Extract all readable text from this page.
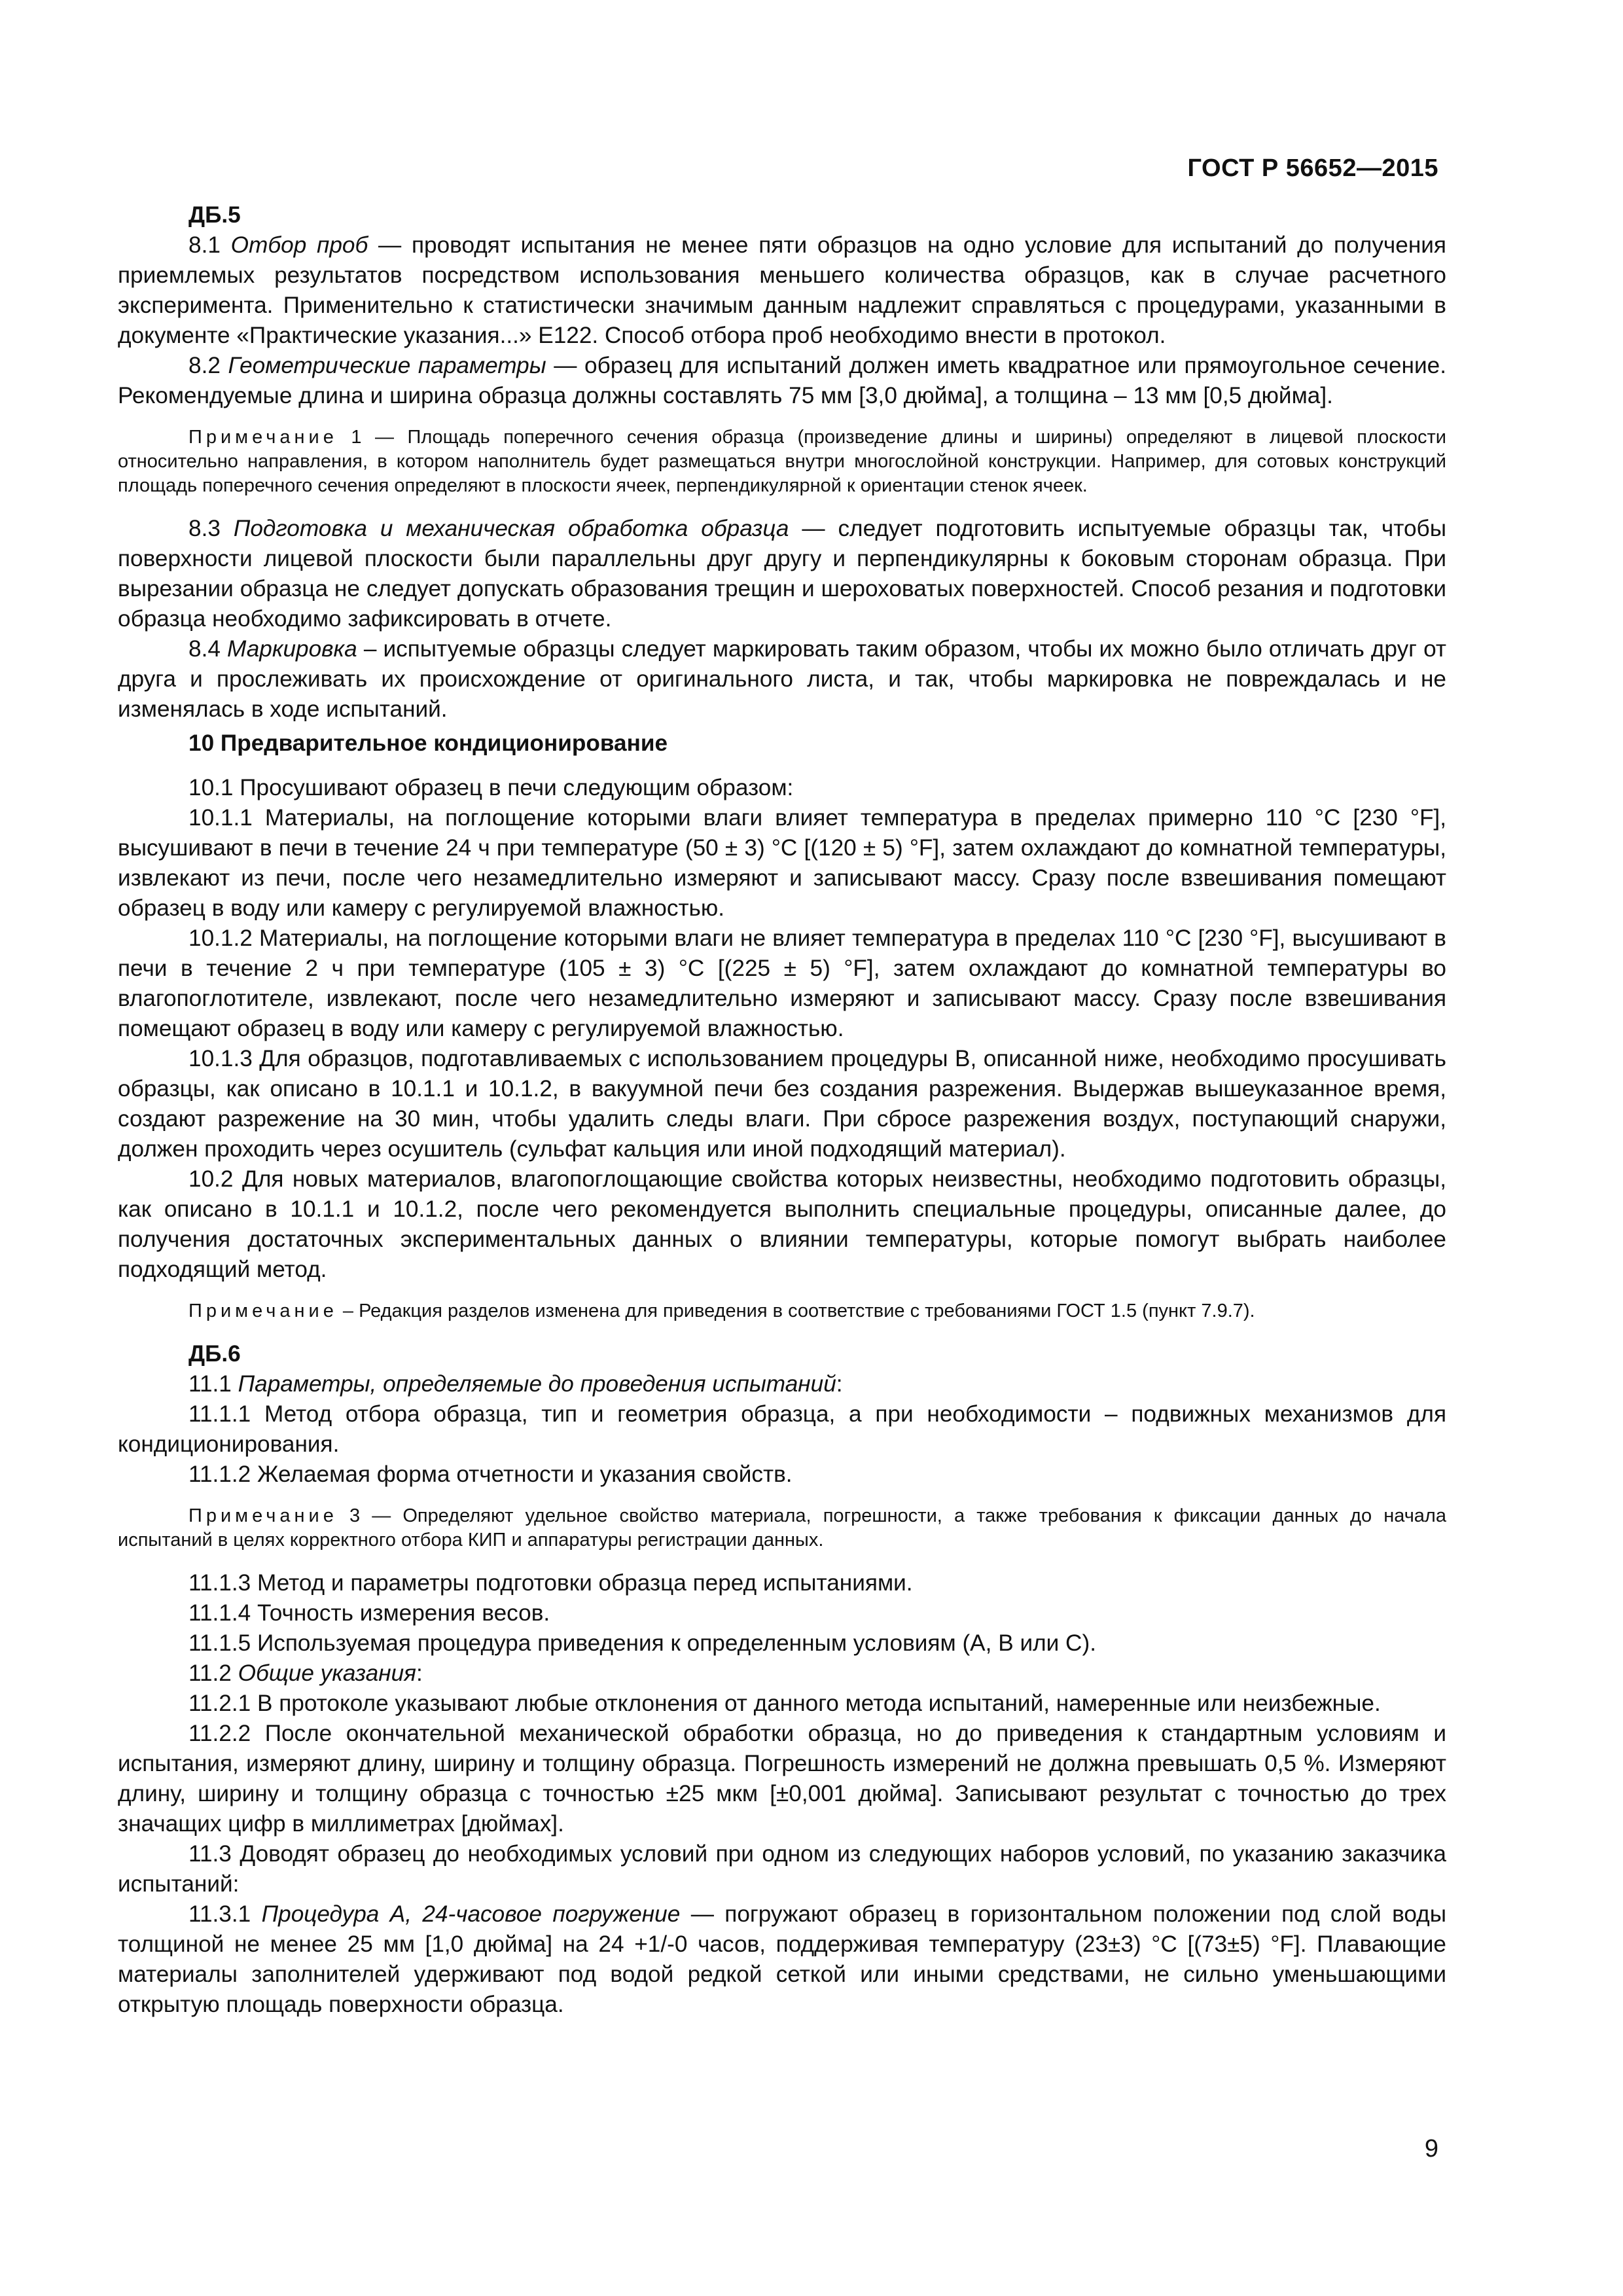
ГОСТ Р 56652—2015

ДБ.5

8.1 Отбор проб — проводят испытания не менее пяти образцов на одно условие для испытаний до получения приемлемых результатов посредством использования меньшего количества образцов, как в случае расчетного эксперимента. Применительно к статистически значимым данным надлежит справляться с процедурами, указанными в документе «Практические указания...» E122. Способ отбора проб необходимо внести в протокол.

8.2 Геометрические параметры — образец для испытаний должен иметь квадратное или прямоугольное сечение. Рекомендуемые длина и ширина образца должны составлять 75 мм [3,0 дюйма], а толщина – 13 мм [0,5 дюйма].

Примечание 1 — Площадь поперечного сечения образца (произведение длины и ширины) определяют в лицевой плоскости относительно направления, в котором наполнитель будет размещаться внутри многослойной конструкции. Например, для сотовых конструкций площадь поперечного сечения определяют в плоскости ячеек, перпендикулярной к ориентации стенок ячеек.

8.3 Подготовка и механическая обработка образца — следует подготовить испытуемые образцы так, чтобы поверхности лицевой плоскости были параллельны друг другу и перпендикулярны к боковым сторонам образца. При вырезании образца не следует допускать образования трещин и шероховатых поверхностей. Способ резания и подготовки образца необходимо зафиксировать в отчете.

8.4 Маркировка – испытуемые образцы следует маркировать таким образом, чтобы их можно было отличать друг от друга и прослеживать их происхождение от оригинального листа, и так, чтобы маркировка не повреждалась и не изменялась в ходе испытаний.

10 Предварительное кондиционирование

10.1 Просушивают образец в печи следующим образом:

10.1.1 Материалы, на поглощение которыми влаги влияет температура в пределах примерно 110 °C [230 °F], высушивают в печи в течение 24 ч при температуре (50 ± 3) °C [(120 ± 5) °F], затем охлаждают до комнатной температуры, извлекают из печи, после чего незамедлительно измеряют и записывают массу. Сразу после взвешивания помещают образец в воду или камеру с регулируемой влажностью.

10.1.2 Материалы, на поглощение которыми влаги не влияет температура в пределах 110 °C [230 °F], высушивают в печи в течение 2 ч при температуре (105 ± 3) °C [(225 ± 5) °F], затем охлаждают до комнатной температуры во влагопоглотителе, извлекают, после чего незамедлительно измеряют и записывают массу. Сразу после взвешивания помещают образец в воду или камеру с регулируемой влажностью.

10.1.3 Для образцов, подготавливаемых с использованием процедуры B, описанной ниже, необходимо просушивать образцы, как описано в 10.1.1 и 10.1.2, в вакуумной печи без создания разрежения. Выдержав вышеуказанное время, создают разрежение на 30 мин, чтобы удалить следы влаги. При сбросе разрежения воздух, поступающий снаружи, должен проходить через осушитель (сульфат кальция или иной подходящий материал).

10.2 Для новых материалов, влагопоглощающие свойства которых неизвестны, необходимо подготовить образцы, как описано в 10.1.1 и 10.1.2, после чего рекомендуется выполнить специальные процедуры, описанные далее, до получения достаточных экспериментальных данных о влиянии температуры, которые помогут выбрать наиболее подходящий метод.

Примечание – Редакция разделов изменена для приведения в соответствие с требованиями ГОСТ 1.5 (пункт 7.9.7).

ДБ.6

11.1 Параметры, определяемые до проведения испытаний:

11.1.1 Метод отбора образца, тип и геометрия образца, а при необходимости – подвижных механизмов для кондиционирования.

11.1.2 Желаемая форма отчетности и указания свойств.

Примечание 3 — Определяют удельное свойство материала, погрешности, а также требования к фиксации данных до начала испытаний в целях корректного отбора КИП и аппаратуры регистрации данных.

11.1.3 Метод и параметры подготовки образца перед испытаниями.

11.1.4 Точность измерения весов.

11.1.5 Используемая процедура приведения к определенным условиям (A, B или C).

11.2 Общие указания:

11.2.1 В протоколе указывают любые отклонения от данного метода испытаний, намеренные или неизбежные.

11.2.2 После окончательной механической обработки образца, но до приведения к стандартным условиям и испытания, измеряют длину, ширину и толщину образца. Погрешность измерений не должна превышать 0,5 %. Измеряют длину, ширину и толщину образца с точностью ±25 мкм [±0,001 дюйма]. Записывают результат с точностью до трех значащих цифр в миллиметрах [дюймах].

11.3 Доводят образец до необходимых условий при одном из следующих наборов условий, по указанию заказчика испытаний:

11.3.1 Процедура A, 24-часовое погружение — погружают образец в горизонтальном положении под слой воды толщиной не менее 25 мм [1,0 дюйма] на 24 +1/-0 часов, поддерживая температуру (23±3) °C [(73±5) °F]. Плавающие материалы заполнителей удерживают под водой редкой сеткой или иными средствами, не сильно уменьшающими открытую площадь поверхности образца.

9
